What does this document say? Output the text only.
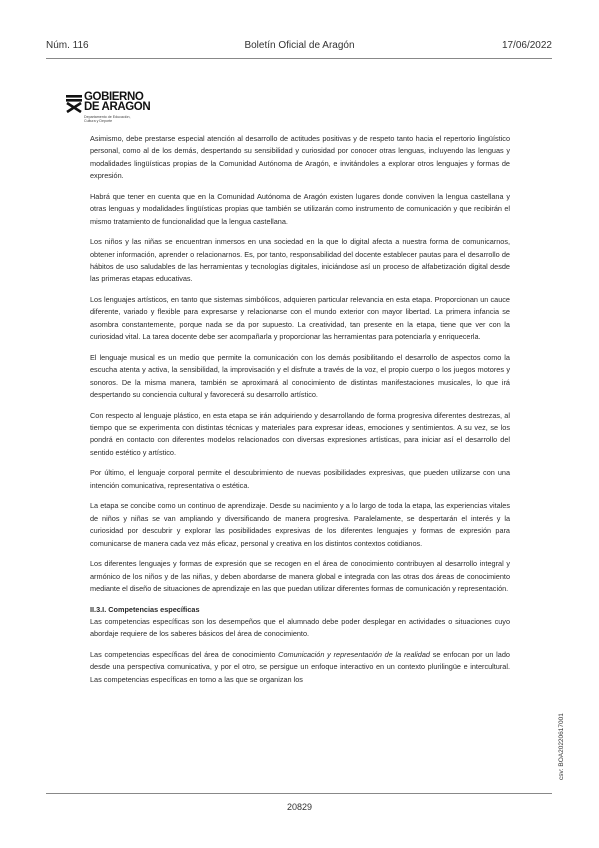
Núm. 116	Boletín Oficial de Aragón	17/06/2022
GOBIERNO
DE ARAGON
Departamento de Educación,
Cultura y Deporte

Asimismo, debe prestarse especial atención al desarrollo de actitudes positivas y de respeto tanto hacia el repertorio lingüístico personal, como al de los demás, despertando su sensibilidad y curiosidad por conocer otras lenguas, incluyendo las lenguas y modalidades lingüísticas propias de la Comunidad Autónoma de Aragón, e invitándoles a explorar otros lenguajes y formas de expresión.

Habrá que tener en cuenta que en la Comunidad Autónoma de Aragón existen lugares donde conviven la lengua castellana y otras lenguas y modalidades lingüísticas propias que también se utilizarán como instrumento de comunicación y que recibirán el mismo tratamiento de funcionalidad que la lengua castellana.

Los niños y las niñas se encuentran inmersos en una sociedad en la que lo digital afecta a nuestra forma de comunicarnos, obtener información, aprender o relacionarnos. Es, por tanto, responsabilidad del docente establecer pautas para el desarrollo de hábitos de uso saludables de las herramientas y tecnologías digitales, iniciándose así un proceso de alfabetización digital desde las primeras etapas educativas.

Los lenguajes artísticos, en tanto que sistemas simbólicos, adquieren particular relevancia en esta etapa. Proporcionan un cauce diferente, variado y flexible para expresarse y relacionarse con el mundo exterior con mayor libertad. La primera infancia se asombra constantemente, porque nada se da por supuesto. La creatividad, tan presente en la etapa, tiene que ver con la curiosidad vital. La tarea docente debe ser acompañarla y proporcionar las herramientas para potenciarla y enriquecerla.

El lenguaje musical es un medio que permite la comunicación con los demás posibilitando el desarrollo de aspectos como la escucha atenta y activa, la sensibilidad, la improvisación y el disfrute a través de la voz, el propio cuerpo o los juegos motores y sonoros. De la misma manera, también se aproximará al conocimiento de distintas manifestaciones musicales, lo que irá despertando su conciencia cultural y favorecerá su desarrollo artístico.

Con respecto al lenguaje plástico, en esta etapa se irán adquiriendo y desarrollando de forma progresiva diferentes destrezas, al tiempo que se experimenta con distintas técnicas y materiales para expresar ideas, emociones y sentimientos. A su vez, se los pondrá en contacto con diferentes modelos relacionados con diversas expresiones artísticas, para iniciar así el desarrollo del sentido estético y artístico.

Por último, el lenguaje corporal permite el descubrimiento de nuevas posibilidades expresivas, que pueden utilizarse con una intención comunicativa, representativa o estética.

La etapa se concibe como un continuo de aprendizaje. Desde su nacimiento y a lo largo de toda la etapa, las experiencias vitales de niños y niñas se van ampliando y diversificando de manera progresiva. Paralelamente, se despertarán el interés y la curiosidad por descubrir y explorar las posibilidades expresivas de los diferentes lenguajes y formas de expresión para comunicarse de manera cada vez más eficaz, personal y creativa en los distintos contextos cotidianos.

Los diferentes lenguajes y formas de expresión que se recogen en el área de conocimiento contribuyen al desarrollo integral y armónico de los niños y de las niñas, y deben abordarse de manera global e integrada con las otras dos áreas de conocimiento mediante el diseño de situaciones de aprendizaje en las que puedan utilizar diferentes formas de comunicación y representación.

II.3.I. Competencias específicas

Las competencias específicas son los desempeños que el alumnado debe poder desplegar en actividades o situaciones cuyo abordaje requiere de los saberes básicos del área de conocimiento.

Las competencias específicas del área de conocimiento Comunicación y representación de la realidad se enfocan por un lado desde una perspectiva comunicativa, y por el otro, se persigue un enfoque interactivo en un contexto plurilingüe e intercultural. Las competencias específicas en torno a las que se organizan los

csv: BOA20220617001
20829
